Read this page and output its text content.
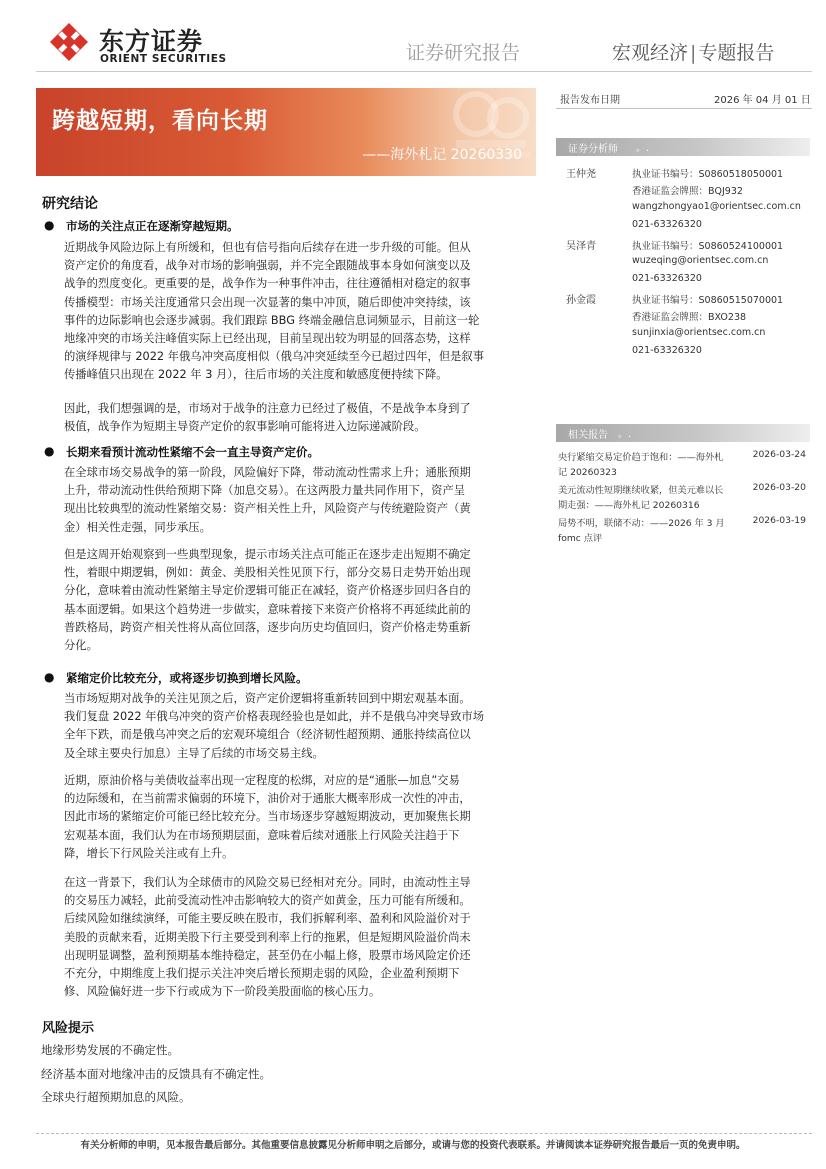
东方证券
ORIENT SECURITIES	证券研究报告	宏观经济 | 专题报告
跨越短期，看向长期
——海外札记 20260330
报告发布日期	2026 年 04 月 01 日
证券分析师 。.
王仲尧	执业证书编号：S0860518050001
香港证监会牌照：BQJ932
wangzhongyao1@orientsec.com.cn
021-63326320
吴泽青	执业证书编号：S0860524100001
wuzeqing@orientsec.com.cn
021-63326320
孙金霞	执业证书编号：S0860515070001
香港证监会牌照：BXO238
sunjinxia@orientsec.com.cn
021-63326320
相关报告 。.
央行紧缩交易定价趋于饱和：——海外札
记 20260323
2026-03-24
美元流动性短期继续收紧，但美元难以长
期走强：——海外札记 20260316
2026-03-20
局势不明，联储不动：——2026 年 3 月
fomc 点评
2026-03-19
研究结论
● 市场的关注点正在逐渐穿越短期。
近期战争风险边际上有所缓和，但也有信号指向后续存在进一步升级的可能。但从
资产定价的角度看，战争对市场的影响强弱，并不完全跟随战事本身如何演变以及
战争的烈度变化。更重要的是，战争作为一种事件冲击，往往遵循相对稳定的叙事
传播模型：市场关注度通常只会出现一次显著的集中冲顶，随后即使冲突持续，该
事件的边际影响也会逐步减弱。我们跟踪 BBG 终端金融信息词频显示，目前这一轮
地缘冲突的市场关注峰值实际上已经出现，目前呈现出较为明显的回落态势，这样
的演绎规律与 2022 年俄乌冲突高度相似（俄乌冲突延续至今已超过四年，但是叙事
传播峰值只出现在 2022 年 3 月），往后市场的关注度和敏感度便持续下降。
因此，我们想强调的是，市场对于战争的注意力已经过了极值，不是战争本身到了
极值，战争作为短期主导资产定价的叙事影响可能将进入边际递减阶段。
● 长期来看预计流动性紧缩不会一直主导资产定价。
在全球市场交易战争的第一阶段，风险偏好下降，带动流动性需求上升；通胀预期
上升，带动流动性供给预期下降（加息交易）。在这两股力量共同作用下，资产呈
现出比较典型的流动性紧缩交易：资产相关性上升，风险资产与传统避险资产（黄
金）相关性走强，同步承压。
但是这周开始观察到一些典型现象，提示市场关注点可能正在逐步走出短期不确定
性，着眼中期逻辑，例如：黄金、美股相关性见顶下行，部分交易日走势开始出现
分化，意味着由流动性紧缩主导定价逻辑可能正在减轻，资产价格逐步回归各自的
基本面逻辑。如果这个趋势进一步做实，意味着接下来资产价格将不再延续此前的
普跌格局，跨资产相关性将从高位回落，逐步向历史均值回归，资产价格走势重新
分化。
● 紧缩定价比较充分，或将逐步切换到增长风险。
当市场短期对战争的关注见顶之后，资产定价逻辑将重新转回到中期宏观基本面。
我们复盘 2022 年俄乌冲突的资产价格表现经验也是如此，并不是俄乌冲突导致市场
全年下跌，而是俄乌冲突之后的宏观环境组合（经济韧性超预期、通胀持续高位以
及全球主要央行加息）主导了后续的市场交易主线。
近期，原油价格与美债收益率出现一定程度的松绑，对应的是“通胀—加息”交易
的边际缓和，在当前需求偏弱的环境下，油价对于通胀大概率形成一次性的冲击，
因此市场的紧缩定价可能已经比较充分。当市场逐步穿越短期波动，更加聚焦长期
宏观基本面，我们认为在市场预期层面，意味着后续对通胀上行风险关注趋于下
降，增长下行风险关注或有上升。
在这一背景下，我们认为全球债市的风险交易已经相对充分。同时，由流动性主导
的交易压力减轻，此前受流动性冲击影响较大的资产如黄金，压力可能有所缓和。
后续风险如继续演绎，可能主要反映在股市，我们拆解利率、盈利和风险溢价对于
美股的贡献来看，近期美股下行主要受到利率上行的拖累，但是短期风险溢价尚未
出现明显调整，盈利预期基本维持稳定，甚至仍在小幅上修，股票市场风险定价还
不充分，中期维度上我们提示关注冲突后增长预期走弱的风险，企业盈利预期下
修、风险偏好进一步下行或成为下一阶段美股面临的核心压力。
风险提示
地缘形势发展的不确定性。
经济基本面对地缘冲击的反馈具有不确定性。
全球央行超预期加息的风险。
有关分析师的申明，见本报告最后部分。其他重要信息披露见分析师申明之后部分，或请与您的投资代表联系。并请阅读本证券研究报告最后一页的免责申明。
